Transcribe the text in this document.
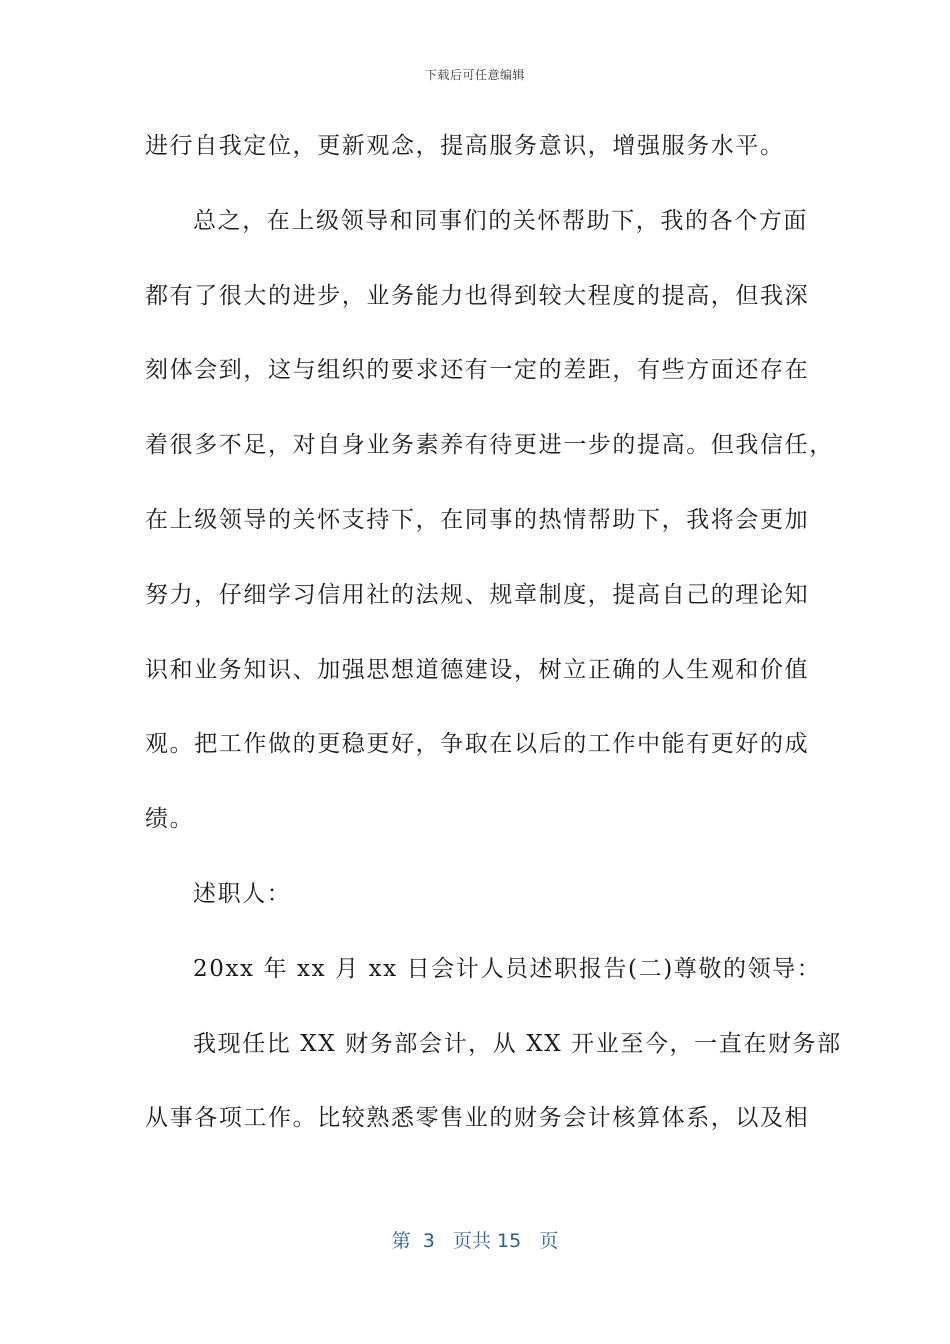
下载后可任意编辑
进行自我定位，更新观念，提高服务意识，增强服务水平。
总之，在上级领导和同事们的关怀帮助下，我的各个方面
都有了很大的进步，业务能力也得到较大程度的提高，但我深
刻体会到，这与组织的要求还有一定的差距，有些方面还存在
着很多不足，对自身业务素养有待更进一步的提高。但我信任，
在上级领导的关怀支持下，在同事的热情帮助下，我将会更加
努力，仔细学习信用社的法规、规章制度，提高自己的理论知
识和业务知识、加强思想道德建设，树立正确的人生观和价值
观。把工作做的更稳更好，争取在以后的工作中能有更好的成
绩。
述职人：
20xx 年 xx 月 xx 日会计人员述职报告(二)尊敬的领导：
我现任比 XX 财务部会计，从 XX 开业至今，一直在财务部
从事各项工作。比较熟悉零售业的财务会计核算体系，以及相
第 3 页共 15 页
